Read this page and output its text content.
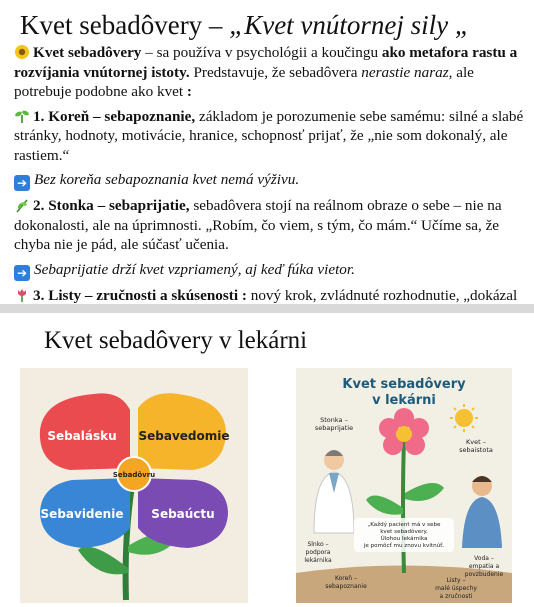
Kvet sebadôvery – „Kvet vnútornej sily „

Kvet sebadôvery – sa používa v psychológii a koučingu ako metafora rastu a rozvíjania vnútornej istoty. Predstavuje, že sebadôvera nerastie naraz, ale potrebuje podobne ako kvet :

1. Koreň – sebapoznanie, základom je porozumenie sebe samému: silné a slabé stránky, hodnoty, motivácie, hranice, schopnosť prijať, že „nie som dokonalý, ale rastiem.“

➔ Bez koreňa sebapoznania kvet nemá výživu.

2. Stonka – sebaprijatie, sebadôvera stojí na reálnom obraze o sebe – nie na dokonalosti, ale na úprimnosti. „Robím, čo viem, s tým, čo mám.“ Učíme sa, že chyba nie je pád, ale súčasť učenia.

➔ Sebaprijatie drží kvet vzpriamený, aj keď fúka vietor.

3. Listy – zručnosti a skúsenosti : nový krok, zvládnuté rozhodnutie, „dokázal

Kvet sebadôvery v lekárni
Sebalásku Sebavedomie
Sebadôvru
Sebavidenie Sebaúctu
Kvet sebadôvery
v lekárni
Stonka –
sebaprijatie
Kvet –
sebaistota
„Každý pacient má v sebe
kvet sebadôvery.
Úlohou lekárnika
je pomôcť mu znovu kvitnúť.
Slnko –
podpora
lekárnika	Voda –
empatia a
povzbudenie
Koreň –
sebapoznanie
Listy –
malé úspechy
a zručnosti
